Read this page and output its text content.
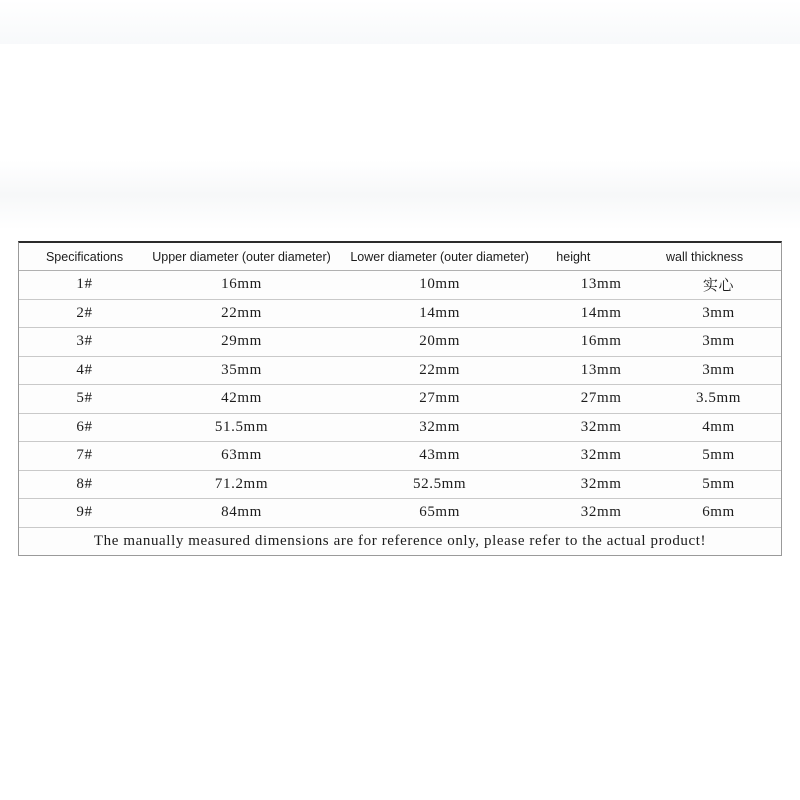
Specifications	Upper diameter (outer diameter)	Lower diameter (outer diameter)	height	wall thickness
1#	16mm	10mm	13mm	实心
2#	22mm	14mm	14mm	3mm
3#	29mm	20mm	16mm	3mm
4#	35mm	22mm	13mm	3mm
5#	42mm	27mm	27mm	3.5mm
6#	51.5mm	32mm	32mm	4mm
7#	63mm	43mm	32mm	5mm
8#	71.2mm	52.5mm	32mm	5mm
9#	84mm	65mm	32mm	6mm
The manually measured dimensions are for reference only, please refer to the actual product!				
